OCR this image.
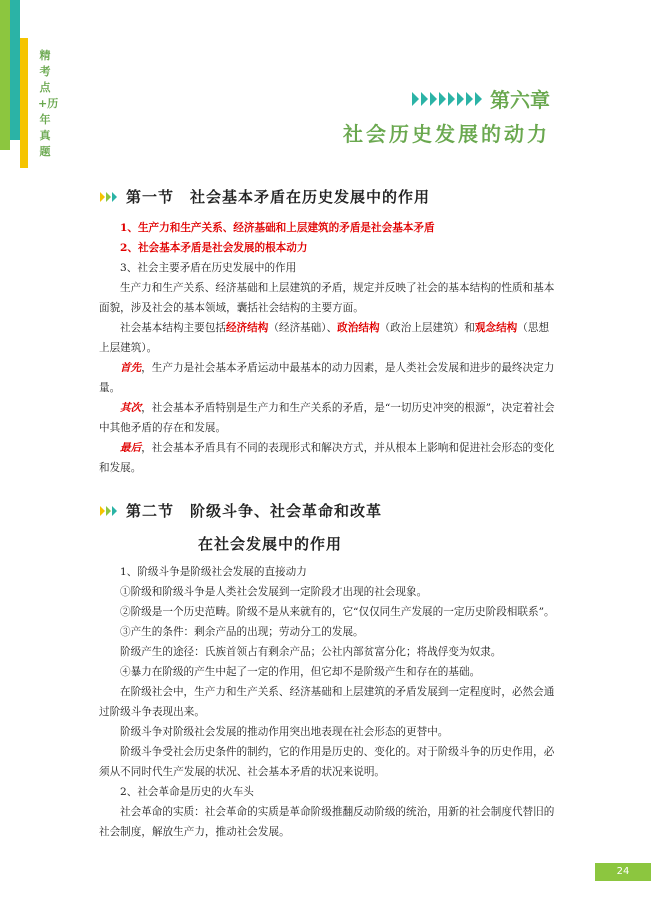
精考点+历年真题
第六章
社会历史发展的动力
第一节　社会基本矛盾在历史发展中的作用

1、生产力和生产关系、经济基础和上层建筑的矛盾是社会基本矛盾

2、社会基本矛盾是社会发展的根本动力

3、社会主要矛盾在历史发展中的作用

生产力和生产关系、经济基础和上层建筑的矛盾，规定并反映了社会的基本结构的性质和基本面貌，涉及社会的基本领域，囊括社会结构的主要方面。

社会基本结构主要包括经济结构（经济基础）、政治结构（政治上层建筑）和观念结构（思想上层建筑）。

首先，生产力是社会基本矛盾运动中最基本的动力因素，是人类社会发展和进步的最终决定力量。

其次，社会基本矛盾特别是生产力和生产关系的矛盾，是“一切历史冲突的根源”，决定着社会中其他矛盾的存在和发展。

最后，社会基本矛盾具有不同的表现形式和解决方式，并从根本上影响和促进社会形态的变化和发展。

第二节　阶级斗争、社会革命和改革
在社会发展中的作用

1、阶级斗争是阶级社会发展的直接动力

①阶级和阶级斗争是人类社会发展到一定阶段才出现的社会现象。

②阶级是一个历史范畴。阶级不是从来就有的，它“仅仅同生产发展的一定历史阶段相联系”。

③产生的条件：剩余产品的出现；劳动分工的发展。

阶级产生的途径：氏族首领占有剩余产品；公社内部贫富分化；将战俘变为奴隶。

④暴力在阶级的产生中起了一定的作用，但它却不是阶级产生和存在的基础。

在阶级社会中，生产力和生产关系、经济基础和上层建筑的矛盾发展到一定程度时，必然会通过阶级斗争表现出来。

阶级斗争对阶级社会发展的推动作用突出地表现在社会形态的更替中。

阶级斗争受社会历史条件的制约，它的作用是历史的、变化的。对于阶级斗争的历史作用，必须从不同时代生产发展的状况、社会基本矛盾的状况来说明。

2、社会革命是历史的火车头

社会革命的实质：社会革命的实质是革命阶级推翻反动阶级的统治，用新的社会制度代替旧的社会制度，解放生产力，推动社会发展。

24
